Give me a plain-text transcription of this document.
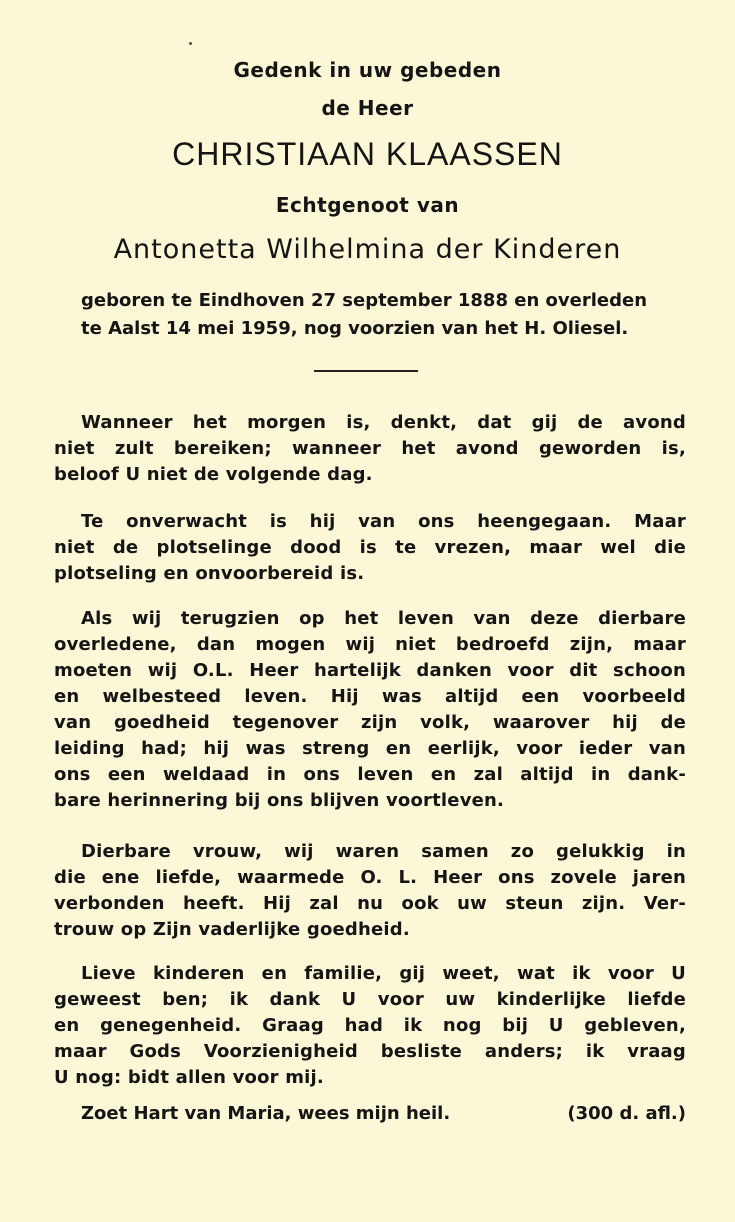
Gedenk in uw gebeden
de Heer
CHRISTIAAN KLAASSEN
Echtgenoot van
Antonetta Wilhelmina der Kinderen
geboren te Eindhoven 27 september 1888 en overleden
te Aalst 14 mei 1959, nog voorzien van het H. Oliesel.
Wanneer het morgen is, denkt, dat gij de avond
niet zult bereiken; wanneer het avond geworden is,
beloof U niet de volgende dag.
Te onverwacht is hij van ons heengegaan. Maar
niet de plotselinge dood is te vrezen, maar wel die
plotseling en onvoorbereid is.
Als wij terugzien op het leven van deze dierbare
overledene, dan mogen wij niet bedroefd zijn, maar
moeten wij O.L. Heer hartelijk danken voor dit schoon
en welbesteed leven. Hij was altijd een voorbeeld
van goedheid tegenover zijn volk, waarover hij de
leiding had; hij was streng en eerlijk, voor ieder van
ons een weldaad in ons leven en zal altijd in dank-
bare herinnering bij ons blijven voortleven.
Dierbare vrouw, wij waren samen zo gelukkig in
die ene liefde, waarmede O. L. Heer ons zovele jaren
verbonden heeft. Hij zal nu ook uw steun zijn. Ver-
trouw op Zijn vaderlijke goedheid.
Lieve kinderen en familie, gij weet, wat ik voor U
geweest ben; ik dank U voor uw kinderlijke liefde
en genegenheid. Graag had ik nog bij U gebleven,
maar Gods Voorzienigheid besliste anders; ik vraag
U nog: bidt allen voor mij.
Zoet Hart van Maria, wees mijn heil.	(300 d. afl.)
